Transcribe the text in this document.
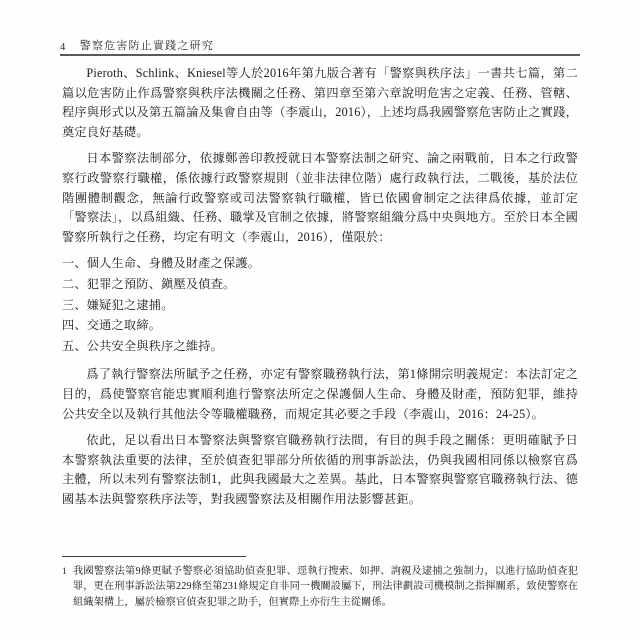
4 警察危害防止實踐之研究

Pieroth、Schlink、Kniesel等人於2016年第九版合著有「警察與秩序法」一書共七篇，第二篇以危害防止作爲警察與秩序法機關之任務、第四章至第六章說明危害之定義、任務、管轄、程序與形式以及第五篇論及集會自由等（李震山，2016），上述均爲我國警察危害防止之實踐，奠定良好基礎。

日本警察法制部分，依據鄭善印教授就日本警察法制之研究、論之兩戰前，日本之行政警察行政警察行職權，係依據行政警察規則（並非法律位階）處行政執行法，二戰後，基於法位階團體制觀念，無論行政警察或司法警察執行職權，皆已依國會制定之法律爲依據，並訂定「警察法」，以爲組織、任務、職掌及官制之依據，將警察組織分爲中央與地方。至於日本全國警察所執行之任務，均定有明文（李震山，2016），僅限於：

一、個人生命、身體及財產之保護。

二、犯罪之預防、鎭壓及偵查。

三、嫌疑犯之逮捕。

四、交通之取締。

五、公共安全與秩序之維持。

爲了執行警察法所賦予之任務，亦定有警察職務執行法，第1條開宗明義規定：本法訂定之目的，爲使警察官能忠實順利進行警察法所定之保護個人生命、身體及財產，預防犯罪，維持公共安全以及執行其他法令等職權職務，而規定其必要之手段（李震山，2016：24-25）。

依此，足以看出日本警察法與警察官職務執行法間，有目的與手段之關係：更明確賦予日本警察執法重要的法律，至於偵查犯罪部分所依循的刑事訴訟法，仍與我國相同係以檢察官爲主體，所以未列有警察法制1，此與我國最大之差異。基此，日本警察與警察官職務執行法、德國基本法與警察秩序法等，對我國警察法及相關作用法影響甚鉅。

1 我國警察法第9條更賦予警察必須協助偵查犯罪、逕執行搜索、如押、詢親及逮捕之強制力，以進行協助偵查犯罪，更在刑事訴訟法第229條至第231條規定自非同一機關設屬下，刑法律劃設司機模制之指揮關系，致使警察在組織架構上，屬於檢察官偵查犯罪之助手，但實際上亦衍生主從關係。
